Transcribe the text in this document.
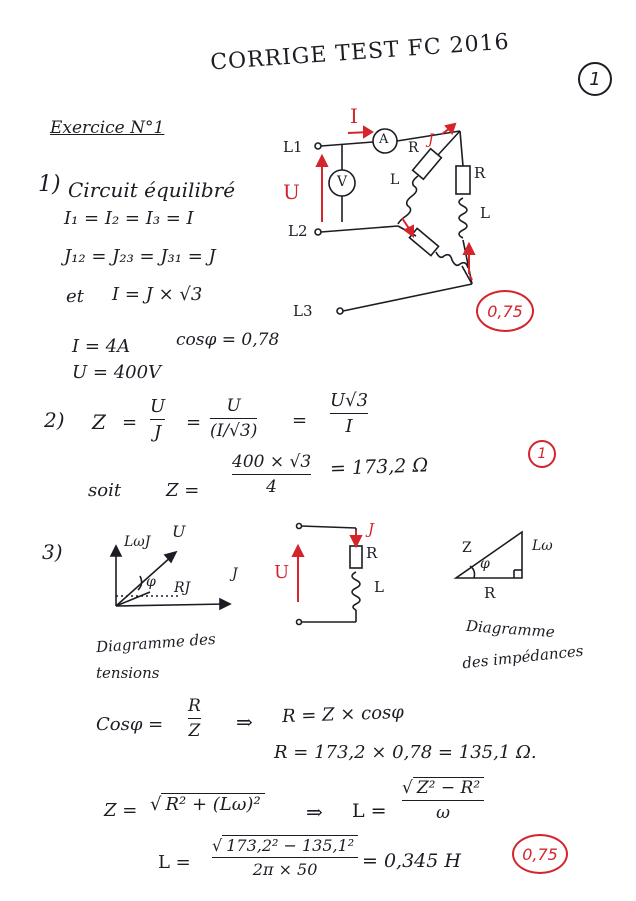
CORRIGE TEST FC 2016
1
Exercice N°1
1) Circuit équilibré
I₁ = I₂ = I₃ = I
J₁₂ = J₂₃ = J₃₁ = J
et I = J × √3
I = 4A	cosφ = 0,78
U = 400V
0,75
I
A
V
U
J
L1
L2
L3
R
L	R
L
2) Z =
U
J =
U
(I/√3) =
U√3
I
soit Z =
400 × √3
4
= 173,2 Ω
1
3)	LωJ
U
φ RJ
J
Diagramme des
tensions
J
U
R
L
Z
φ
Lω
R
Diagramme
des impédances
Cosφ =
R
Z ⇒ R = Z × cosφ
R = 173,2 × 0,78 = 135,1 Ω.
Z = √ R² + (Lω)² ⇒ L =
√ Z² − R²
ω
L =
√ 173,2² − 135,1²
2π × 50 = 0,345 H	0,75
